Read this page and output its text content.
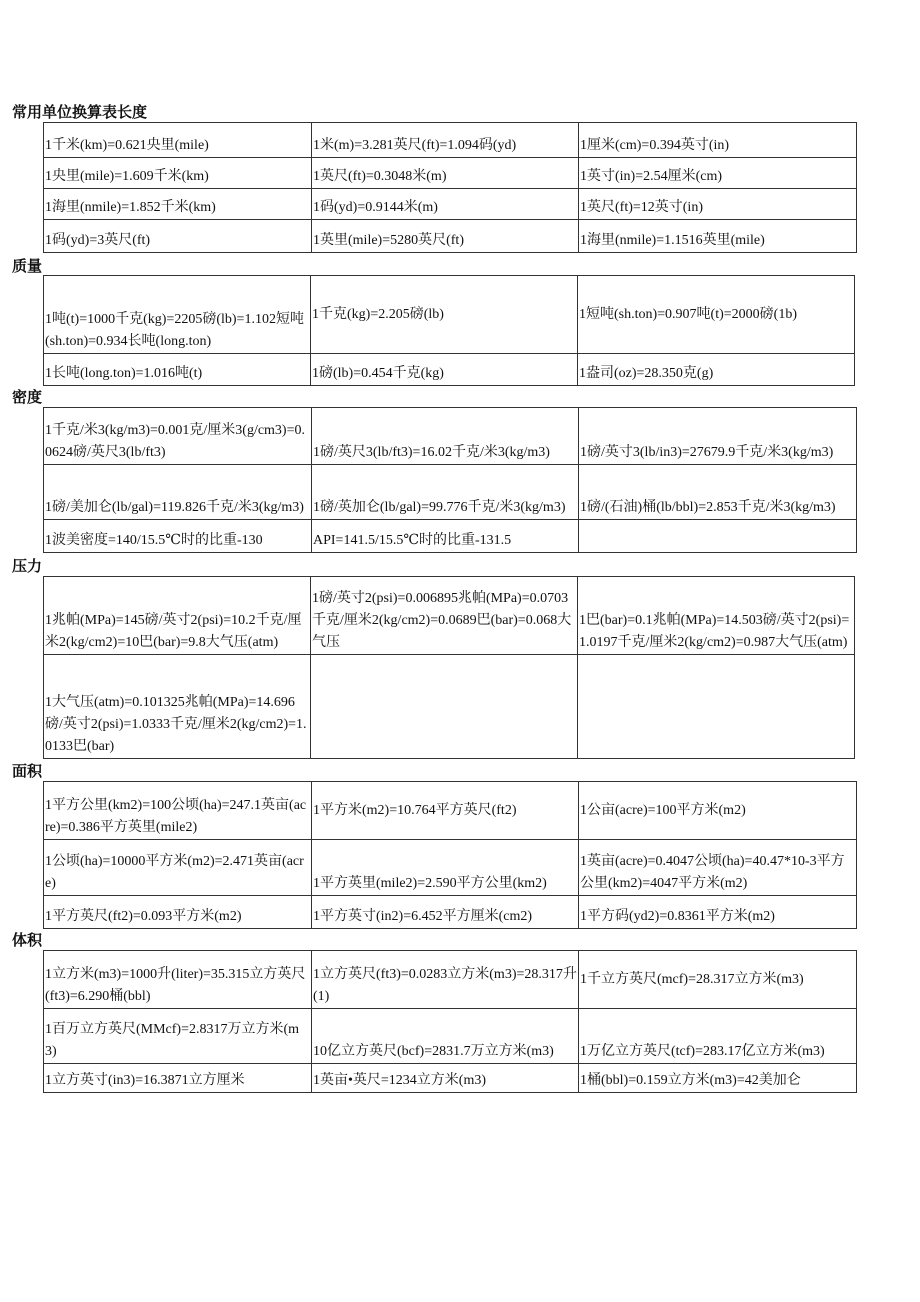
常用单位换算表长度
1千米(km)=0.621央里(mile)	1米(m)=3.281英尺(ft)=1.094码(yd)	1厘米(cm)=0.394英寸(in)
1央里(mile)=1.609千米(km)	1英尺(ft)=0.3048米(m)	1英寸(in)=2.54厘米(cm)
1海里(nmile)=1.852千米(km)	1码(yd)=0.9144米(m)	1英尺(ft)=12英寸(in)
1码(yd)=3英尺(ft)	1英里(mile)=5280英尺(ft)	1海里(nmile)=1.1516英里(mile)
质量
1吨(t)=1000千克(kg)=2205磅(lb)=1.102短吨(sh.ton)=0.934长吨(long.ton)	1千克(kg)=2.205磅(lb)	1短吨(sh.ton)=0.907吨(t)=2000磅(1b)
1长吨(long.ton)=1.016吨(t)	1磅(lb)=0.454千克(kg)	1盎司(oz)=28.350克(g)
密度
1千克/米3(kg/m3)=0.001克/厘米3(g/cm3)=0.0624磅/英尺3(lb/ft3)	1磅/英尺3(lb/ft3)=16.02千克/米3(kg/m3)	1磅/英寸3(lb/in3)=27679.9千克/米3(kg/m3)
1磅/美加仑(lb/gal)=119.826千克/米3(kg/m3)	1磅/英加仑(lb/gal)=99.776千克/米3(kg/m3)	1磅/(石油)桶(lb/bbl)=2.853千克/米3(kg/m3)
1波美密度=140/15.5℃时的比重-130	API=141.5/15.5℃时的比重-131.5	
压力
1兆帕(MPa)=145磅/英寸2(psi)=10.2千克/厘米2(kg/cm2)=10巴(bar)=9.8大气压(atm)	1磅/英寸2(psi)=0.006895兆帕(MPa)=0.0703千克/厘米2(kg/cm2)=0.0689巴(bar)=0.068大气压	1巴(bar)=0.1兆帕(MPa)=14.503磅/英寸2(psi)=1.0197千克/厘米2(kg/cm2)=0.987大气压(atm)
1大气压(atm)=0.101325兆帕(MPa)=14.696磅/英寸2(psi)=1.0333千克/厘米2(kg/cm2)=1.0133巴(bar)		
面积
1平方公里(km2)=100公顷(ha)=247.1英亩(acre)=0.386平方英里(mile2)	1平方米(m2)=10.764平方英尺(ft2)	1公亩(acre)=100平方米(m2)
1公顷(ha)=10000平方米(m2)=2.471英亩(acre)	1平方英里(mile2)=2.590平方公里(km2)	1英亩(acre)=0.4047公顷(ha)=40.47*10-3平方公里(km2)=4047平方米(m2)
1平方英尺(ft2)=0.093平方米(m2)	1平方英寸(in2)=6.452平方厘米(cm2)	1平方码(yd2)=0.8361平方米(m2)
体积
1立方米(m3)=1000升(liter)=35.315立方英尺(ft3)=6.290桶(bbl)	1立方英尺(ft3)=0.0283立方米(m3)=28.317升(1)	1千立方英尺(mcf)=28.317立方米(m3)
1百万立方英尺(MMcf)=2.8317万立方米(m3)	10亿立方英尺(bcf)=2831.7万立方米(m3)	1万亿立方英尺(tcf)=283.17亿立方米(m3)
1立方英寸(in3)=16.3871立方厘米	1英亩•英尺=1234立方米(m3)	1桶(bbl)=0.159立方米(m3)=42美加仑
